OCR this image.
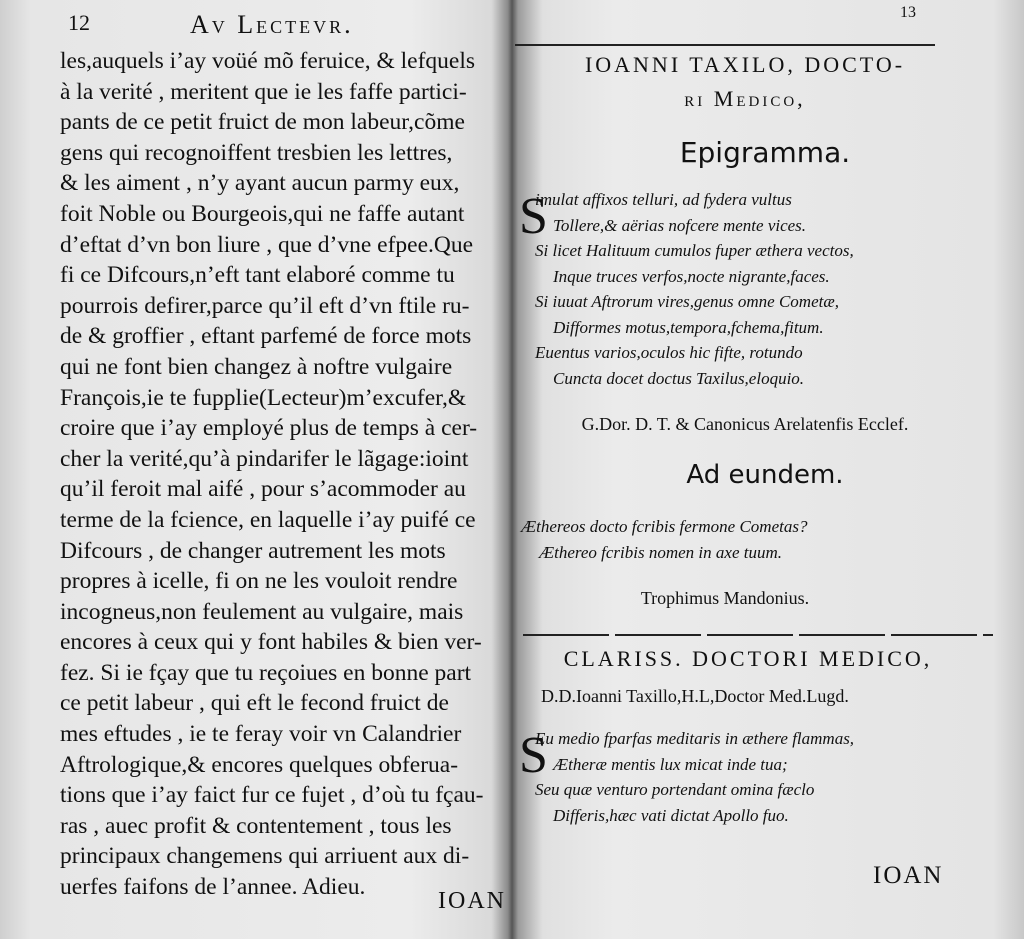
12	Av Lectevr.
les,auquels i’ay voüé mõ feruice, & lefquels
à la verité , meritent que ie les faffe partici-
pants de ce petit fruict de mon labeur,cõme
gens qui recognoiffent tresbien les lettres,
& les aiment , n’y ayant aucun parmy eux,
foit Noble ou Bourgeois,qui ne faffe autant
d’eftat d’vn bon liure , que d’vne efpee.Que
fi ce Difcours,n’eft tant elaboré comme tu
pourrois defirer,parce qu’il eft d’vn ftile ru-
de & groffier , eftant parfemé de force mots
qui ne font bien changez à noftre vulgaire
François,ie te fupplie(Lecteur)m’excufer,&
croire que i’ay employé plus de temps à cer-
cher la verité,qu’à pindarifer le lãgage:ioint
qu’il feroit mal aifé , pour s’acommoder au
terme de la fcience, en laquelle i’ay puifé ce
Difcours , de changer autrement les mots
propres à icelle, fi on ne les vouloit rendre
incogneus,non feulement au vulgaire, mais
encores à ceux qui y font habiles & bien ver-
fez. Si ie fçay que tu reçoiues en bonne part
ce petit labeur , qui eft le fecond fruict de
mes eftudes , ie te feray voir vn Calandrier
Aftrologique,& encores quelques obferua-
tions que i’ay faict fur ce fujet , d’où tu fçau-
ras , auec profit & contentement , tous les
principaux changemens qui arriuent aux di-
uerfes faifons de l’annee. Adieu.
IOAN
13
IOANNI TAXILO, DOCTO-
ri Medico,
Epigramma.
S
imulat affixos telluri, ad fydera vultus
Tollere,& aërias nofcere mente vices.
Si licet Halituum cumulos fuper æthera vectos,
Inque truces verfos,nocte nigrante,faces.
Si iuuat Aftrorum vires,genus omne Cometæ,
Difformes motus,tempora,fchema,fitum.
Euentus varios,oculos hic fifte, rotundo
Cuncta docet doctus Taxilus,eloquio.
G.Dor. D. T. & Canonicus Arelatenfis Ecclef.
Ad eundem.
Æthereos docto fcribis fermone Cometas?
Æthereo fcribis nomen in axe tuum.
Trophimus Mandonius.
CLARISS. DOCTORI MEDICO,
D.D.Ioanni Taxillo,H.L,Doctor Med.Lugd.
S
Eu medio fparfas meditaris in æthere flammas,
Ætheræ mentis lux micat inde tua;
Seu quæ venturo portendant omina fæclo
Differis,hæc vati dictat Apollo fuo.
IOAN
